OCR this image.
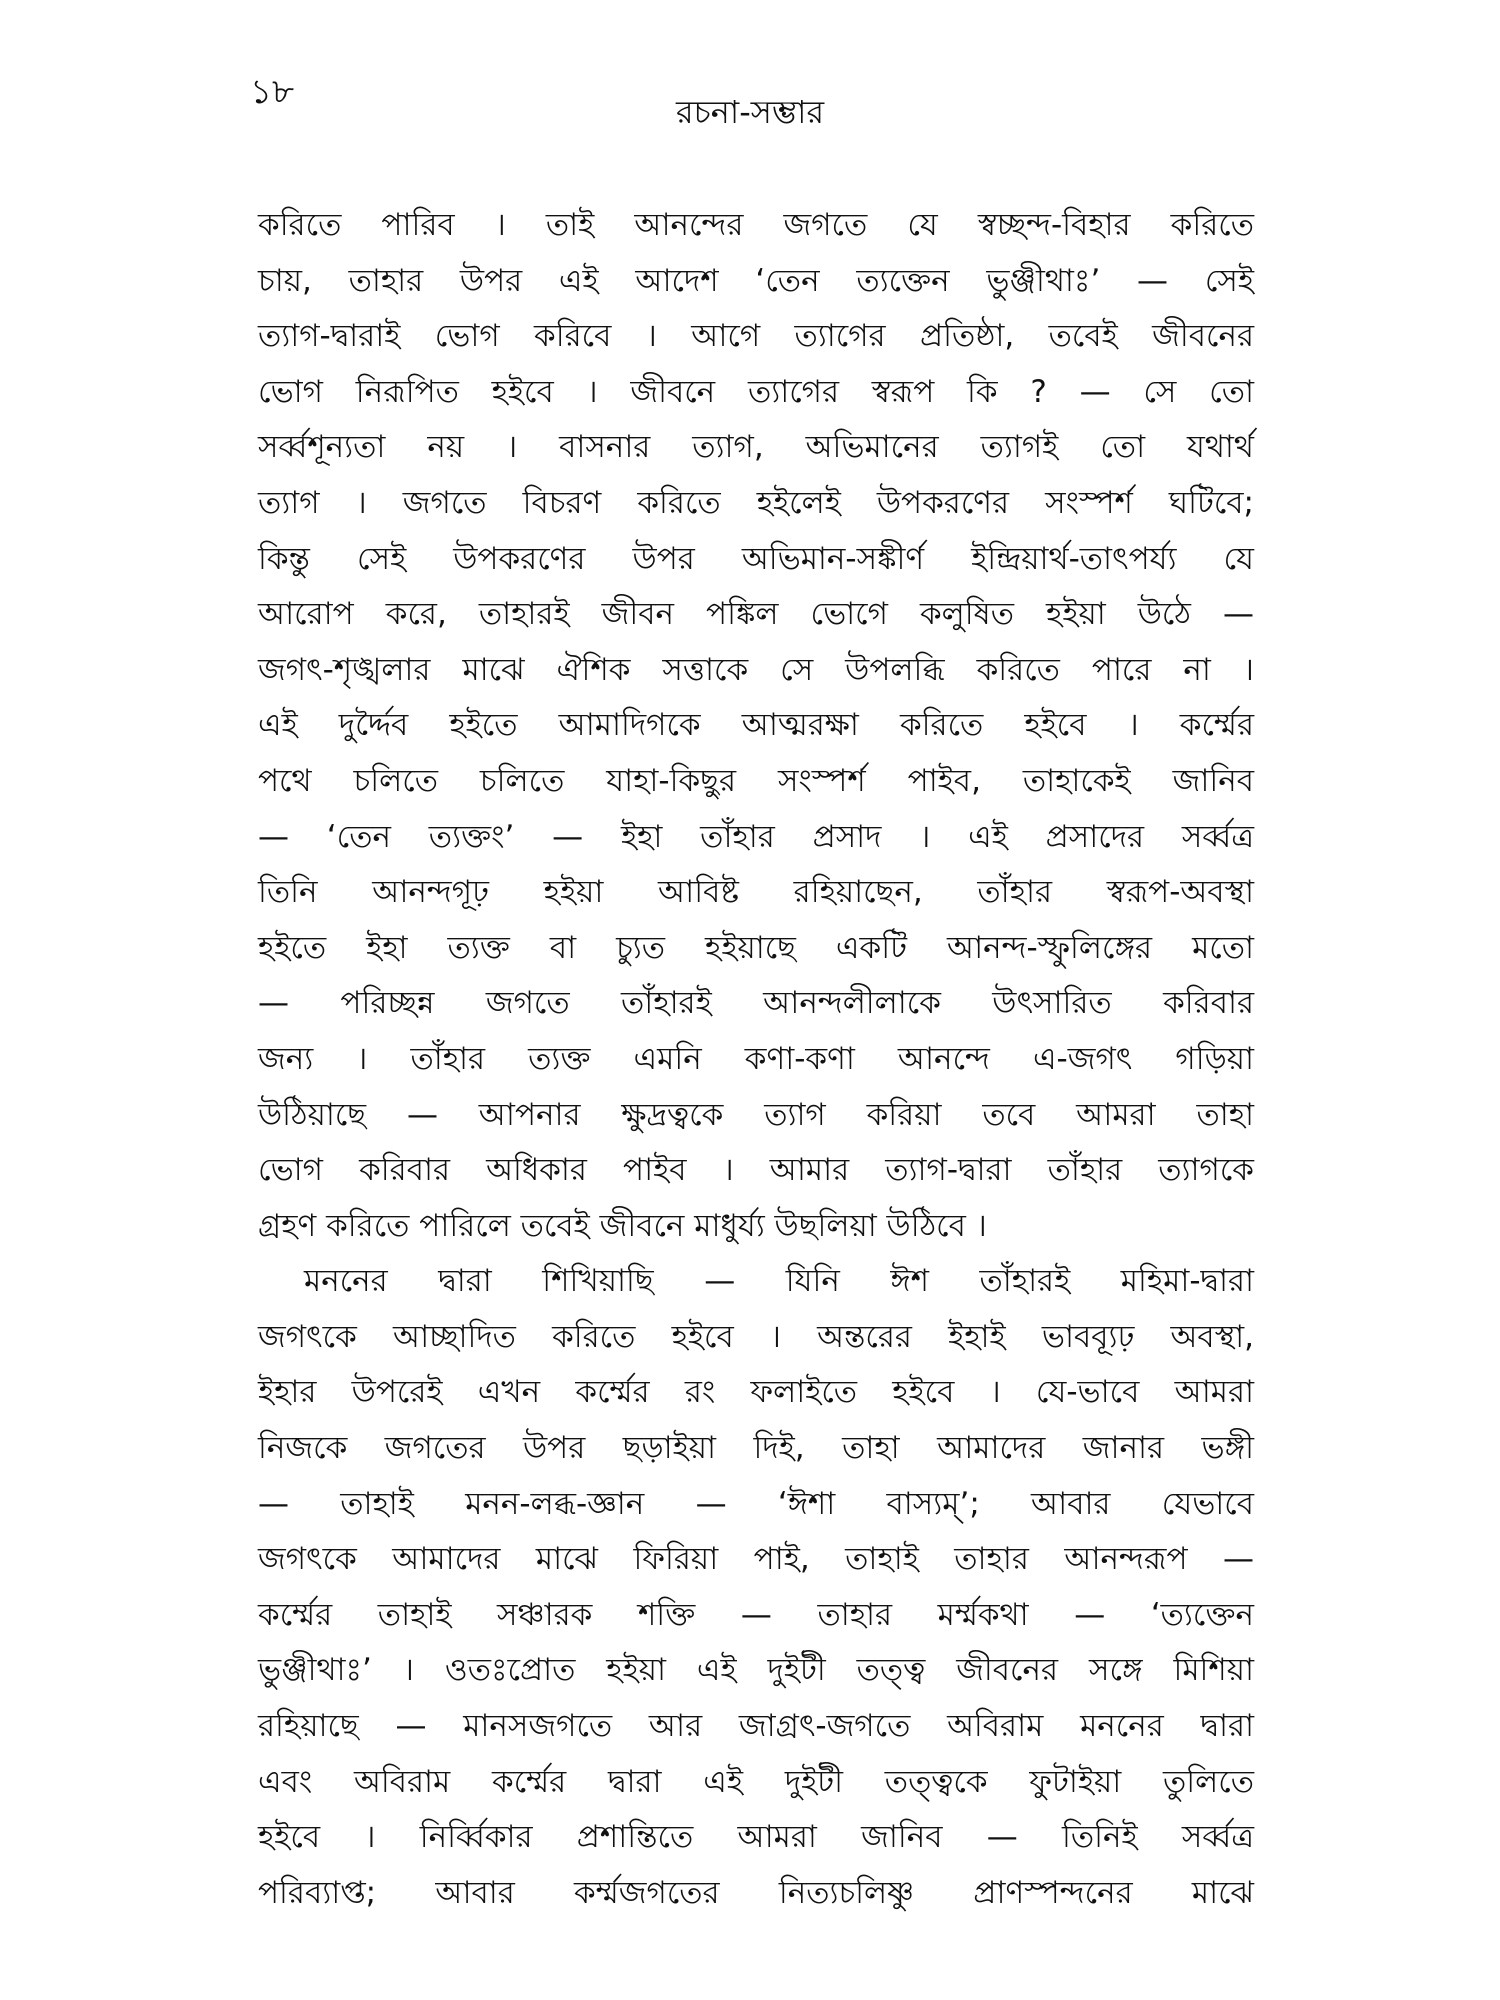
১৮	রচনা-সম্ভার
করিতে পারিব । তাই আনন্দের জগতে যে স্বচ্ছন্দ-বিহার করিতে
চায়, তাহার উপর এই আদেশ ‘তেন ত্যক্তেন ভুঞ্জীথাঃ’ — সেই
ত্যাগ-দ্বারাই ভোগ করিবে । আগে ত্যাগের প্রতিষ্ঠা, তবেই জীবনের
ভোগ নিরূপিত হইবে । জীবনে ত্যাগের স্বরূপ কি ? — সে তো
সর্ব্বশূন্যতা নয় । বাসনার ত্যাগ, অভিমানের ত্যাগই তো যথার্থ
ত্যাগ । জগতে বিচরণ করিতে হইলেই উপকরণের সংস্পর্শ ঘটিবে;
কিন্তু সেই উপকরণের উপর অভিমান-সঙ্কীর্ণ ইন্দ্রিয়ার্থ-তাৎপর্য্য যে
আরোপ করে, তাহারই জীবন পঙ্কিল ভোগে কলুষিত হইয়া উঠে —
জগৎ-শৃঙ্খলার মাঝে ঐশিক সত্তাকে সে উপলব্ধি করিতে পারে না ।
এই দুর্দ্দৈব হইতে আমাদিগকে আত্মরক্ষা করিতে হইবে । কর্ম্মের
পথে চলিতে চলিতে যাহা-কিছুর সংস্পর্শ পাইব, তাহাকেই জানিব
— ‘তেন ত্যক্তং’ — ইহা তাঁহার প্রসাদ । এই প্রসাদের সর্ব্বত্র
তিনি আনন্দগূঢ় হইয়া আবিষ্ট রহিয়াছেন, তাঁহার স্বরূপ-অবস্থা
হইতে ইহা ত্যক্ত বা চ্যুত হইয়াছে একটি আনন্দ-স্ফুলিঙ্গের মতো
— পরিচ্ছন্ন জগতে তাঁহারই আনন্দলীলাকে উৎসারিত করিবার
জন্য । তাঁহার ত্যক্ত এমনি কণা-কণা আনন্দে এ-জগৎ গড়িয়া
উঠিয়াছে — আপনার ক্ষুদ্রত্বকে ত্যাগ করিয়া তবে আমরা তাহা
ভোগ করিবার অধিকার পাইব । আমার ত্যাগ-দ্বারা তাঁহার ত্যাগকে
গ্রহণ করিতে পারিলে তবেই জীবনে মাধুর্য্য উছলিয়া উঠিবে ।
মননের দ্বারা শিখিয়াছি — যিনি ঈশ তাঁহারই মহিমা-দ্বারা
জগৎকে আচ্ছাদিত করিতে হইবে । অন্তরের ইহাই ভাবব্যূঢ় অবস্থা,
ইহার উপরেই এখন কর্ম্মের রং ফলাইতে হইবে । যে-ভাবে আমরা
নিজকে জগতের উপর ছড়াইয়া দিই, তাহা আমাদের জানার ভঙ্গী
— তাহাই মনন-লব্ধ-জ্ঞান — ‘ঈশা বাস্যম্’; আবার যেভাবে
জগৎকে আমাদের মাঝে ফিরিয়া পাই, তাহাই তাহার আনন্দরূপ —
কর্ম্মের তাহাই সঞ্চারক শক্তি — তাহার মর্ম্মকথা — ‘ত্যক্তেন
ভুঞ্জীথাঃ’ । ওতঃপ্রোত হইয়া এই দুইটী তত্ত্ব জীবনের সঙ্গে মিশিয়া
রহিয়াছে — মানসজগতে আর জাগ্রৎ-জগতে অবিরাম মননের দ্বারা
এবং অবিরাম কর্ম্মের দ্বারা এই দুইটী তত্ত্বকে ফুটাইয়া তুলিতে
হইবে । নির্ব্বিকার প্রশান্তিতে আমরা জানিব — তিনিই সর্ব্বত্র
পরিব্যাপ্ত; আবার কর্ম্মজগতের নিত্যচলিষ্ণু প্রাণস্পন্দনের মাঝে
